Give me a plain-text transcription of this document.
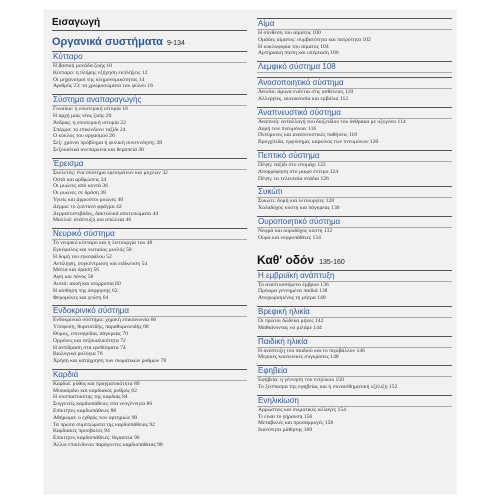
Εισαγωγή
Οργανικά συστήματα 9-134
Κύτταρο
Η βασική μονάδα ζωής 10
Κύτταρο: η πλήρης εξήγηση εκπλήξεις 12
Οι μηχανισμοί της κληρονομικότητας 14
Αριθμός 23: τα χρωμοσώματα του φύλου 16
Σύστημα αναπαραγωγής
Γυναίκα: η εσωτερική ιστορία 18
Η αρχή μιας νέας ζωής 20
Άνδρας: η εσωτερική ιστορία 22
Σπέρμα: το επικίνδυνο ταξίδι 24
Ο κύκλος του οργασμού 26
Σεξ: χρόνιο πρόβλημα ή φυλική συνεννόηση; 28
Σεξουαλικά ανεπαρκεια και θεραπεία 30
Έρεισμα
Σκελετός: ένα σύστημα ερεισμάτων και μοχλών 32
Οστά και αρθρώσεις 34
Οι μυώνες από κοντά 36
Οι μυώνες σε δράση 38
Υγιείς και άρρωστοι μυώνες 40
Δέρμα: το ζωντανό φράγμα 42
Δερματοστιβάδες, δακτυλικά αποτυπώματα 44
Μαλλιά: ανάπτυξη και απώλεια 46
Νευρικό σύστημα
Το νευρικό κύτταρο και η λειτουργία του 48
Εγκέφαλος και νωτιαίος μυελός 50
Η δομή του εγκεφάλου 52
Αντίληψη, συγκέντρωση και ειδίκευση 54
Μάτια και όραση 56
Αφή και πόνος 58
Αυτιά: ακοή και ισορροπία 60
Η αίσθηση της όσφρησης 62
Φερομόνες και γεύση 64
Ενδοκρινικό σύστημα
Ενδοκρινικό σύστημα: χημική επικοινωνία 66
Υπόφυση, θυρεοειδής, παραθυρεοειδής 68
Θύμος, επινεφρίδια, πάγκρεας 70
Ορμόνες και σεξουαλικότητα 72
Η αντίδραση στα ερεθίσματα 74
Βιολογικά ρολόγια 76
Χρήση και κατάχρηση των σωματικών ρυθμών 78
Καρδιά
Καρδιά: μύθος και πραγματικότητα 80
Μυοκάρδιο και καρδιακός ρυθμός 82
Η συσπαστικότης της καρδιάς 84
Συγγενείς καρδιοπάθειες στα νεογέννητα 86
Επίκτητες καρδιοπάθειες 88
Αθήρωμα: ο εχθρός των αρτηριών 90
Τα πρώτα συμπτώματα της καρδιοπάθειας 92
Καρδιακές προσβολές 94
Επίκτητες καρδιοπάθειες: θεραπεία 96
Άλλοι επικίνδυνοι παράγοντες καρδιοπάθειας 98
Αίμα
Η σύνθεση του αίματος 100
Ομάδες αίματος: συμβατότητα και πατρότητα 102
Η κυκλοφορία του αίματος 104
Αρτηριακή πίεση και υπέρταση 106
Λεμφικό σύστημα 108
Ανοσοποιητικό σύστημα
Ανοσία: άμυνα ενάντια στις ασθένειες 110
Αλλεργίες, αυτοανοσία και εμβόλια 112
Αναπνευστικό σύστημα
Αναπνοή: ανταλλαγή του διοξειδίου του άνθρακα με οξυγόνο 114
Δομή των πνευμόνων 116
Πνεύμονες και αναπνευστικές παθήσεις 118
Βρογχίτιδα, εμφύσημα, καρκίνος των πνευμόνων 120
Πεπτικό σύστημα
Πέψη: ταξίδι στο στομάχι 122
Απορρόφηση στο μικρό έντερο 124
Πέψη: τα τελευταία στάδια 126
Συκώτι
Συκώτι: δομή και λειτουργίες 128
Χολαδόχος κύστη και πάγκρεας 130
Ουροποιητικό σύστημα
Νεφρά και ουροδόχος κύστη 132
Ούρα και νεφροπάθειες 134
Καθ' οδόν 135-160
Η εμβρυϊκή ανάπτυξη
Το αναπτυσσόμενο έμβρυο 136
Πρόωρα γεννημένα παιδιά 138
Αποχωρισμένος τη μήτρα 140
Βρεφική ηλικία
Οι πρώτοι δώδεκα μήνες 142
Μαθαίνοντας να μιλάμε 144
Παιδική ηλικία
Η ανάπτυξη του παιδιού και το περιβάλλον 146
Μερικές κοινωνικές συγκρίσεις 148
Εφηβεία
Εφηβεία: η γέννηση του ενηλίκου 150
Το ξεσπασμα της εφηβείας και η συναισθηματική εξέλιξη 152
Ενηλικίωση
Αρρώστιες και σωματικές αλλαγές 154
Τι είναι το γήρανση 156
Μεταβολές και προσαρμογές 158
Ικανότητα μάθησης 160
